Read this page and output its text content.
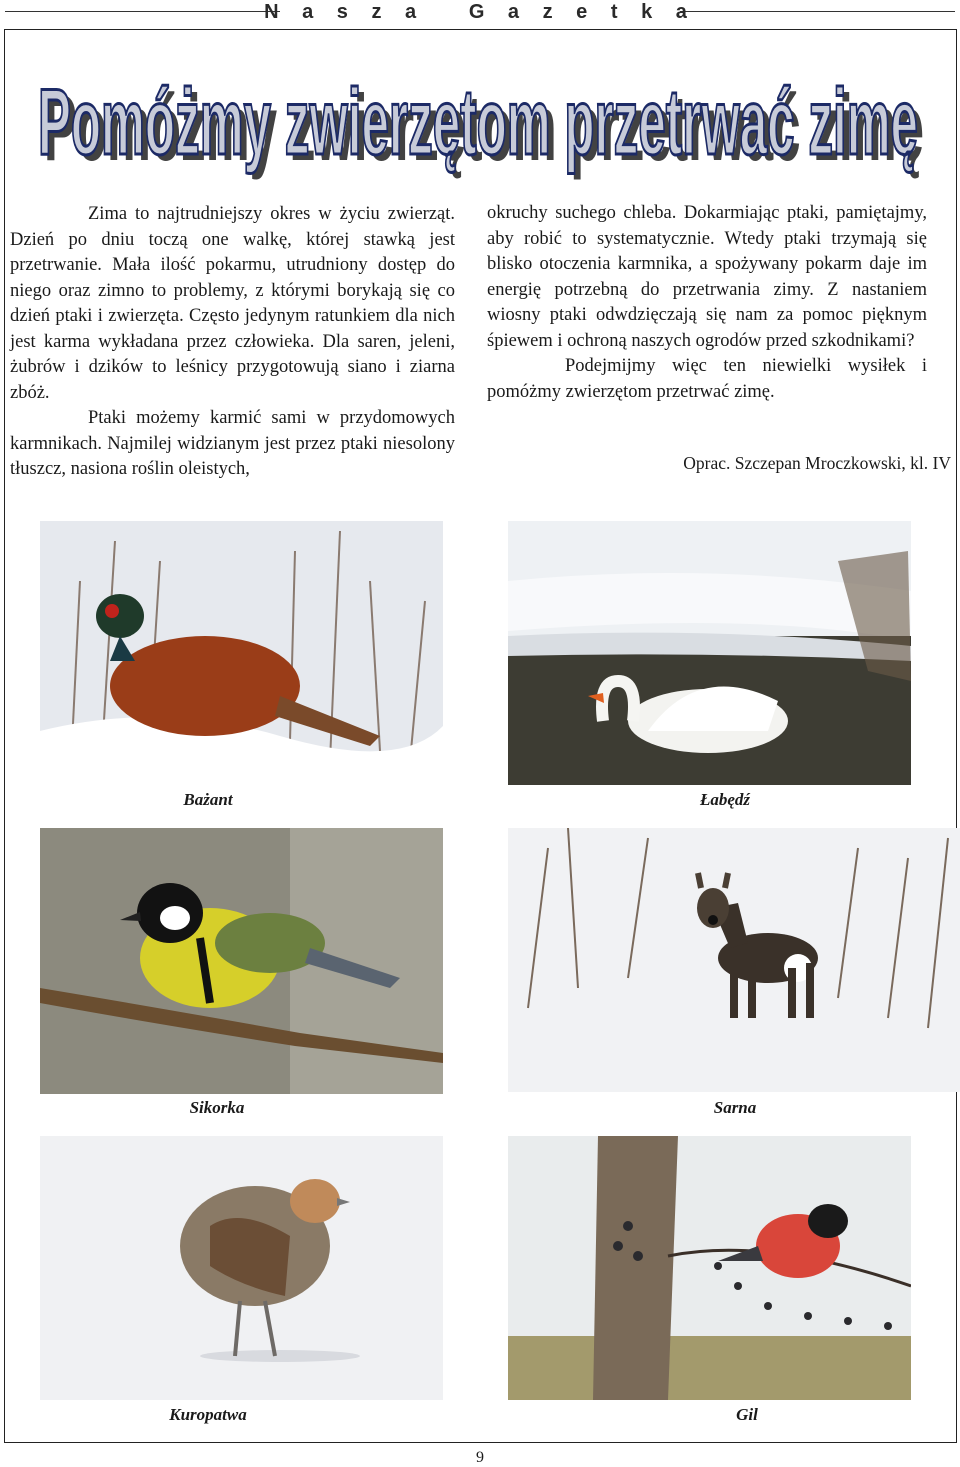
N a s z a   G a z e t k a
Pomóżmy zwierzętom przetrwać zimę
Pomóżmy zwierzętom przetrwać zimę

Zima to najtrudniejszy okres w życiu zwierząt. Dzień po dniu toczą one walkę, której stawką jest przetrwanie. Mała ilość pokarmu, utrudniony dostęp do niego oraz zimno to problemy, z którymi borykają się co dzień ptaki i zwierzęta. Często jedynym ratunkiem dla nich jest karma wykładana przez człowieka. Dla saren, jeleni, żubrów i dzików to leśnicy przygotowują siano i ziarna zbóż.

Ptaki możemy karmić sami w przydomowych karmnikach. Najmilej widzianym jest przez ptaki niesolony tłuszcz, nasiona roślin oleistych,

okruchy suchego chleba. Dokarmiając ptaki, pamiętajmy, aby robić to systematycznie. Wtedy ptaki trzymają się blisko otoczenia karmnika, a spożywany pokarm daje im energię potrzebną do przetrwania zimy. Z nastaniem wiosny ptaki odwdzięczają się nam za pomoc pięknym śpiewem i ochroną naszych ogrodów przed szkodnikami?

Podejmijmy więc ten niewielki wysiłek i pomóżmy zwierzętom przetrwać zimę.

Oprac. Szczepan Mroczkowski, kl. IV
Bażant	Łabędź
Sikorka	Sarna
Kuropatwa	Gil
9
